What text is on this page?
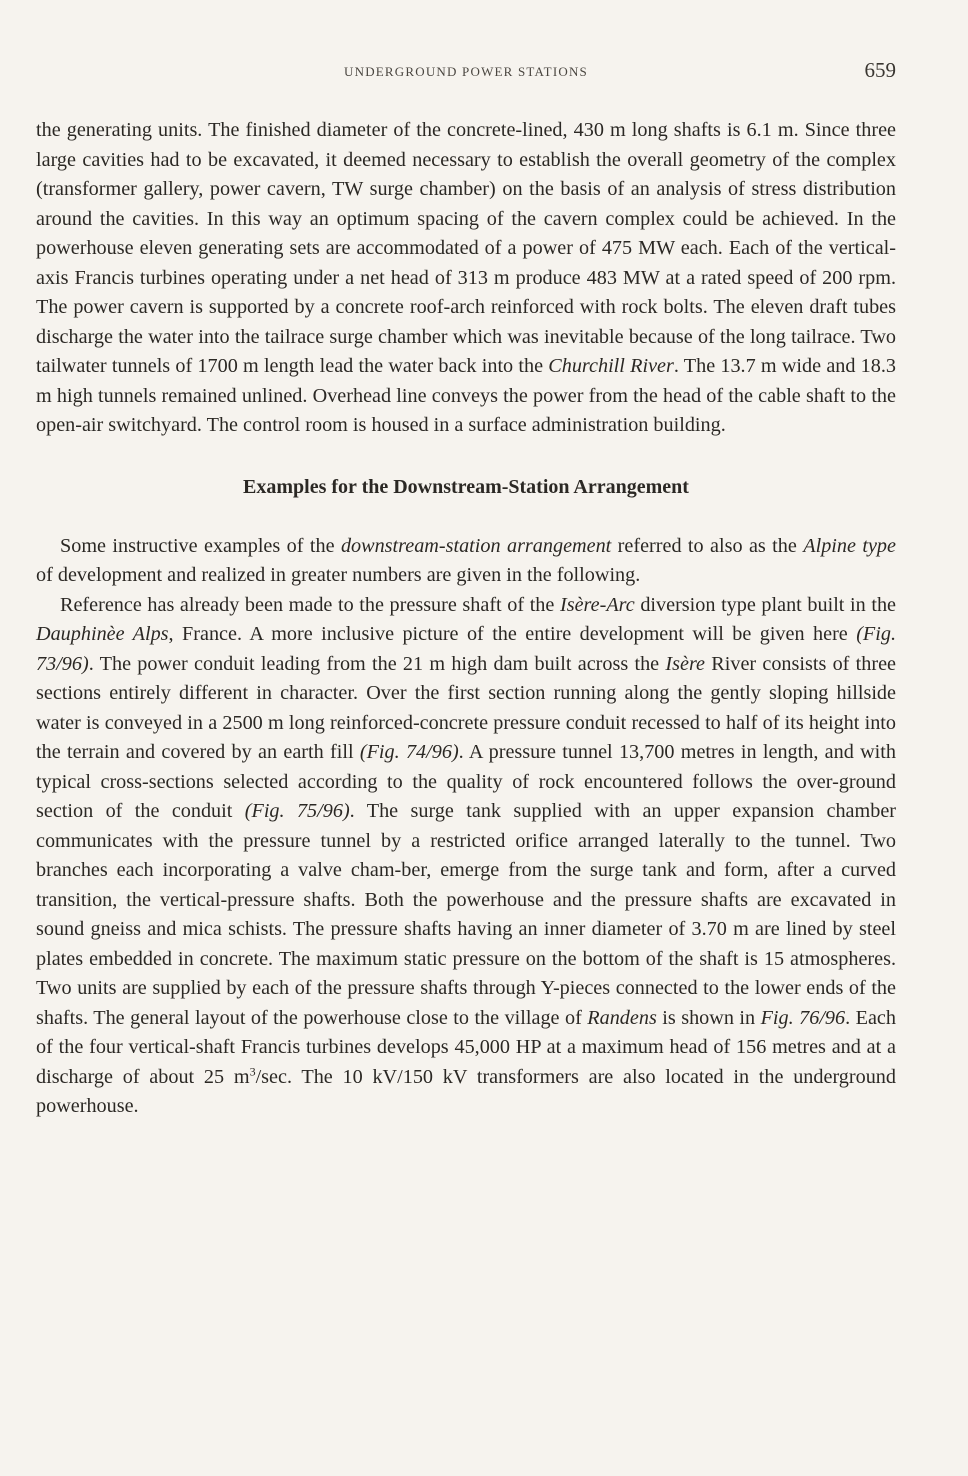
UNDERGROUND POWER STATIONS	659

the generating units. The finished diameter of the concrete-lined, 430 m long shafts is 6.1 m. Since three large cavities had to be excavated, it deemed necessary to establish the overall geometry of the complex (transformer gallery, power cavern, TW surge chamber) on the basis of an analysis of stress distribution around the cavities. In this way an optimum spacing of the cavern complex could be achieved. In the powerhouse eleven generating sets are accommodated of a power of 475 MW each. Each of the vertical-axis Francis turbines operating under a net head of 313 m produce 483 MW at a rated speed of 200 rpm. The power cavern is supported by a concrete roof-arch reinforced with rock bolts. The eleven draft tubes discharge the water into the tailrace surge chamber which was inevitable because of the long tailrace. Two tailwater tunnels of 1700 m length lead the water back into the Churchill River. The 13.7 m wide and 18.3 m high tunnels remained unlined. Overhead line conveys the power from the head of the cable shaft to the open-air switchyard. The control room is housed in a surface administration building.

Examples for the Downstream-Station Arrangement

Some instructive examples of the downstream-station arrangement referred to also as the Alpine type of development and realized in greater numbers are given in the following.

Reference has already been made to the pressure shaft of the Isère-Arc diversion type plant built in the Dauphinèe Alps, France. A more inclusive picture of the entire development will be given here (Fig. 73/96). The power conduit leading from the 21 m high dam built across the Isère River consists of three sections entirely different in character. Over the first section running along the gently sloping hillside water is conveyed in a 2500 m long reinforced-concrete pressure conduit recessed to half of its height into the terrain and covered by an earth fill (Fig. 74/96). A pressure tunnel 13,700 metres in length, and with typical cross-sections selected according to the quality of rock encountered follows the over-ground section of the conduit (Fig. 75/96). The surge tank supplied with an upper expansion chamber communicates with the pressure tunnel by a restricted orifice arranged laterally to the tunnel. Two branches each incorporating a valve cham-ber, emerge from the surge tank and form, after a curved transition, the vertical-pressure shafts. Both the powerhouse and the pressure shafts are excavated in sound gneiss and mica schists. The pressure shafts having an inner diameter of 3.70 m are lined by steel plates embedded in concrete. The maximum static pressure on the bottom of the shaft is 15 atmospheres. Two units are supplied by each of the pressure shafts through Y-pieces connected to the lower ends of the shafts. The general layout of the powerhouse close to the village of Randens is shown in Fig. 76/96. Each of the four vertical-shaft Francis turbines develops 45,000 HP at a maximum head of 156 metres and at a discharge of about 25 $m^3/\sec$. The 10 kV/150 kV transformers are also located in the underground powerhouse.
